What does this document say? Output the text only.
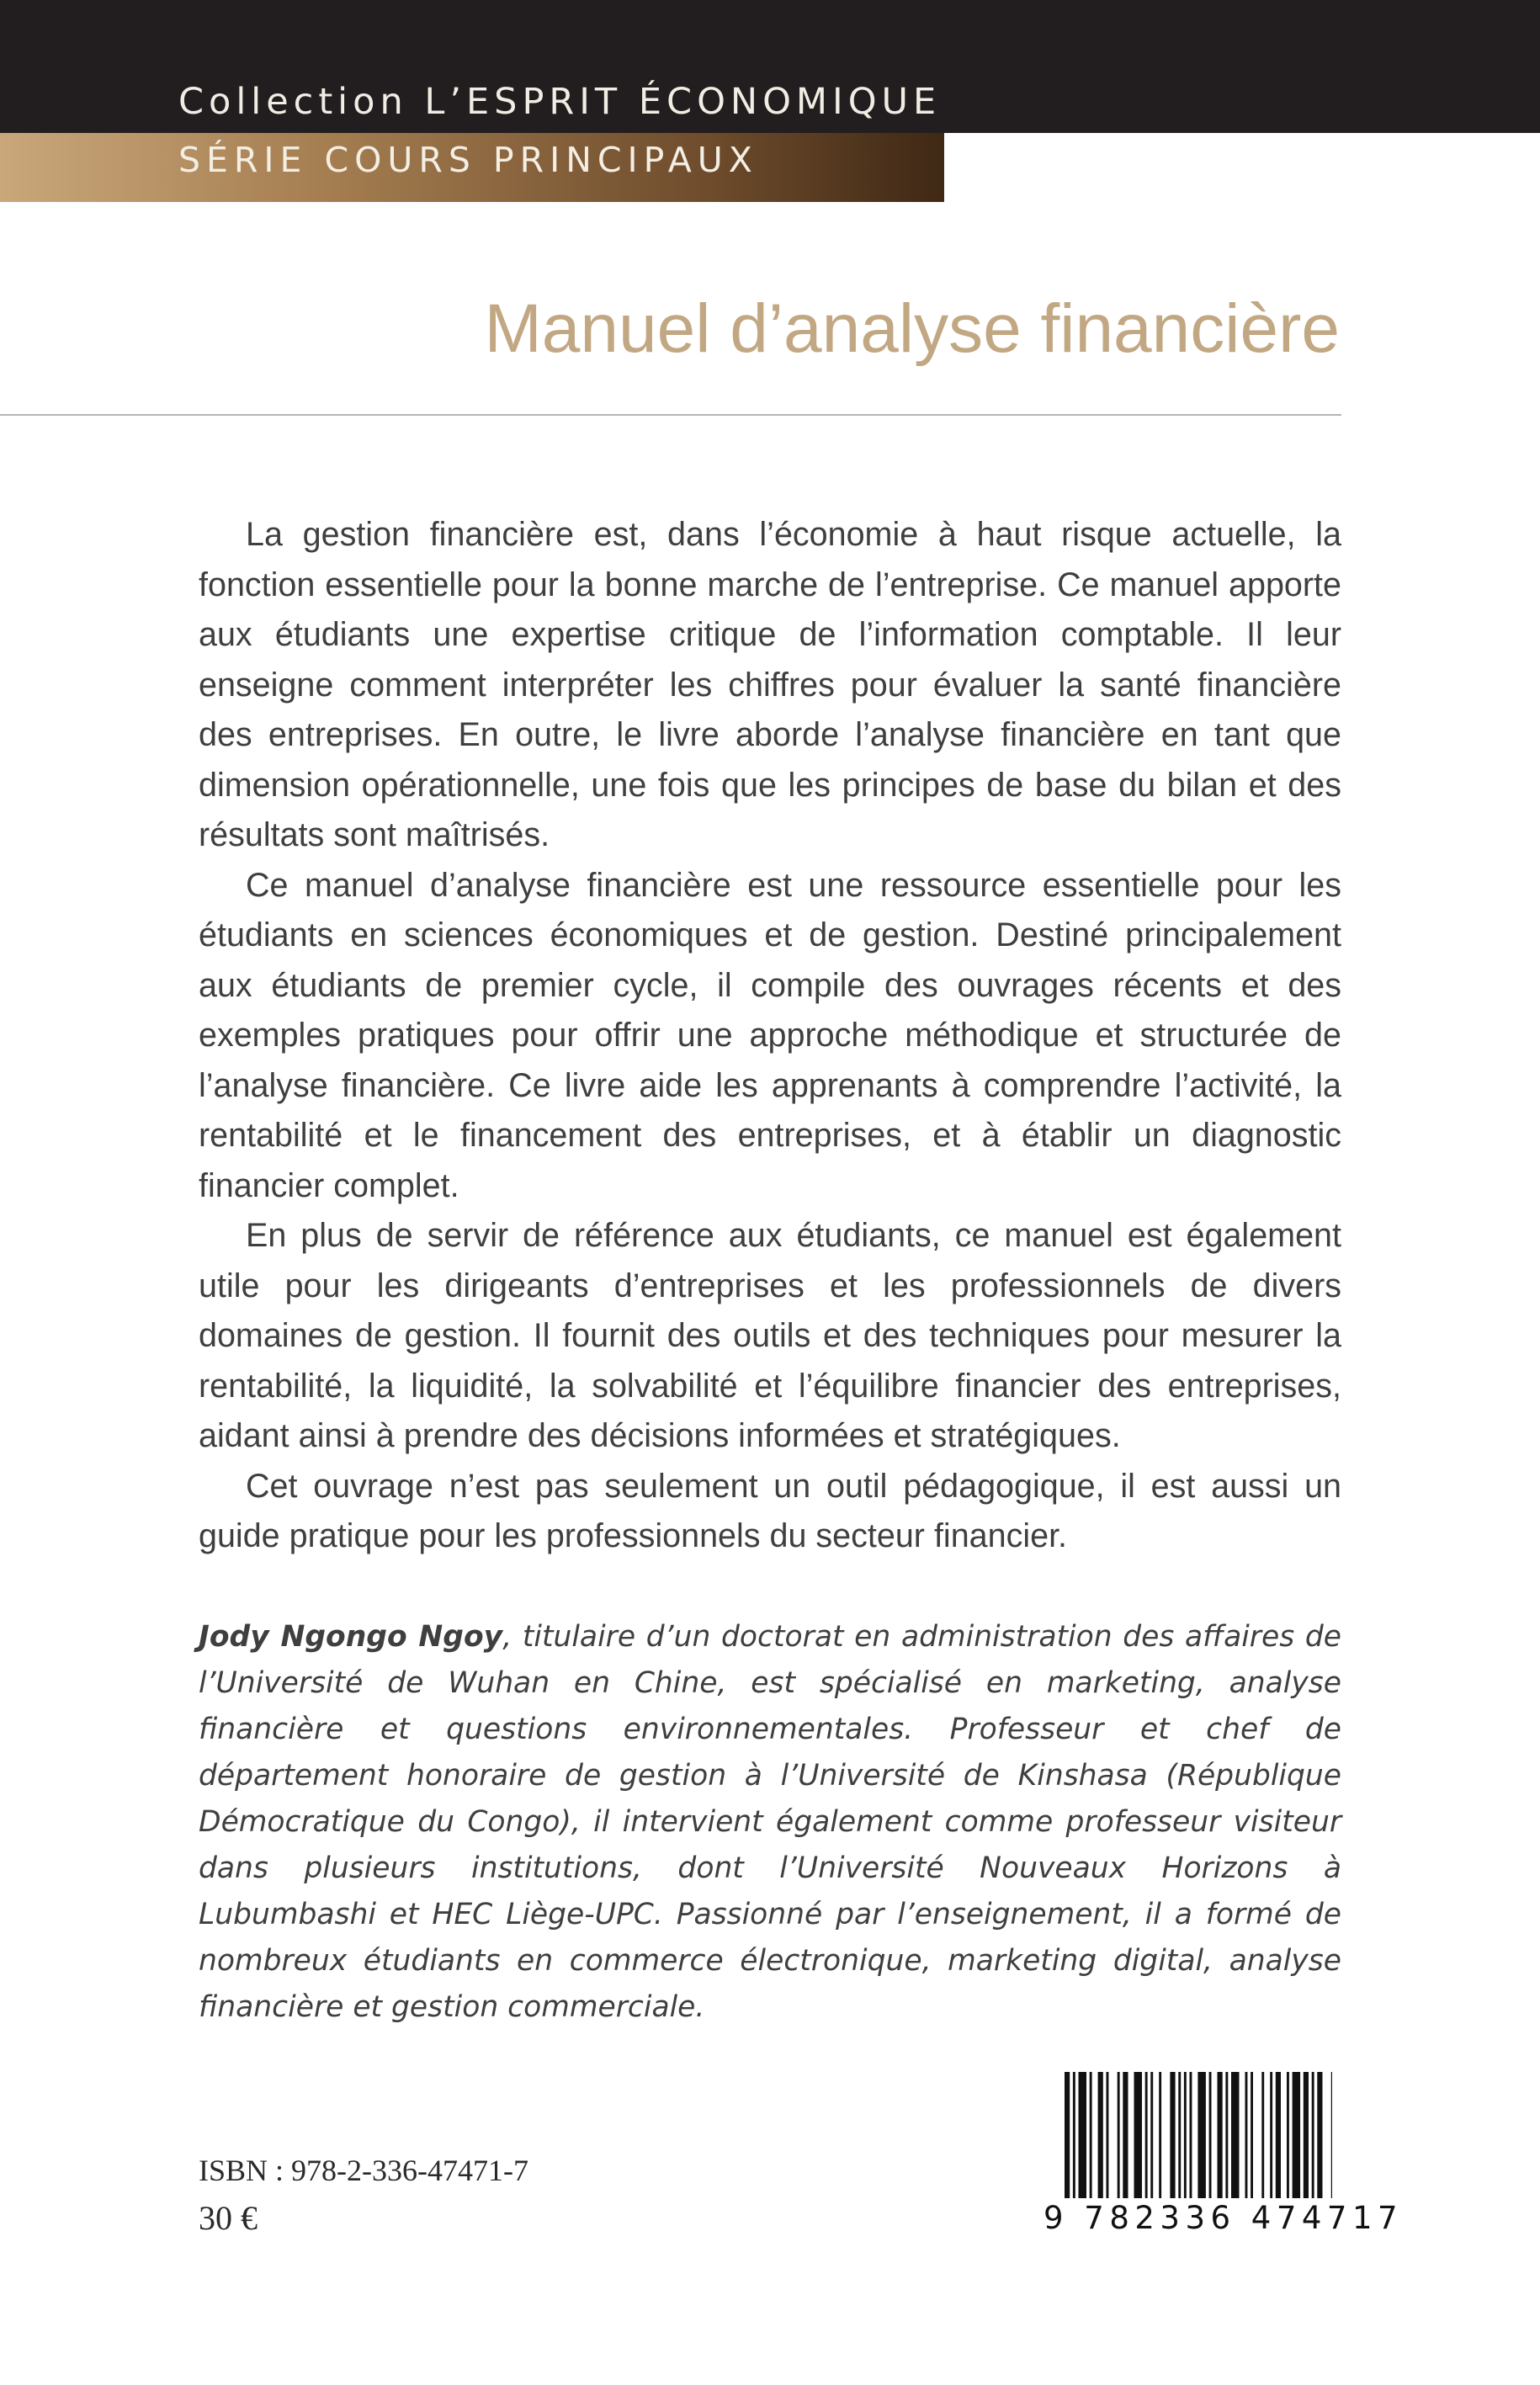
Collection L’ESPRIT ÉCONOMIQUE
SÉRIE COURS PRINCIPAUX
Manuel d’analyse financière

La gestion financière est, dans l’économie à haut risque actuelle, la fonction essentielle pour la bonne marche de l’entreprise. Ce manuel apporte aux étudiants une expertise critique de l’information comptable. Il leur enseigne comment interpréter les chiffres pour évaluer la santé financière des entreprises. En outre, le livre aborde l’analyse financière en tant que dimension opérationnelle, une fois que les principes de base du bilan et des résultats sont maîtrisés.

Ce manuel d’analyse financière est une ressource essentielle pour les étudiants en sciences économiques et de gestion. Destiné principalement aux étudiants de premier cycle, il compile des ouvrages récents et des exemples pratiques pour offrir une approche méthodique et structurée de l’analyse financière. Ce livre aide les apprenants à comprendre l’activité, la rentabilité et le financement des entreprises, et à établir un diagnostic financier complet.

En plus de servir de référence aux étudiants, ce manuel est également utile pour les dirigeants d’entreprises et les professionnels de divers domaines de gestion. Il fournit des outils et des techniques pour mesurer la rentabilité, la liquidité, la solvabilité et l’équilibre financier des entreprises, aidant ainsi à prendre des décisions informées et stratégiques.

Cet ouvrage n’est pas seulement un outil pédagogique, il est aussi un guide pratique pour les professionnels du secteur financier.

Jody Ngongo Ngoy, titulaire d’un doctorat en administration des affaires de l’Université de Wuhan en Chine, est spécialisé en marketing, analyse financière et questions environnementales. Professeur et chef de département honoraire de gestion à l’Université de Kinshasa (République Démocratique du Congo), il intervient également comme professeur visiteur dans plusieurs institutions, dont l’Université Nouveaux Horizons à Lubumbashi et HEC Liège-UPC. Passionné par l’enseignement, il a formé de nombreux étudiants en commerce électronique, marketing digital, analyse financière et gestion commerciale.
ISBN : 978-2-336-47471-7
30 €	9 782336 474717
